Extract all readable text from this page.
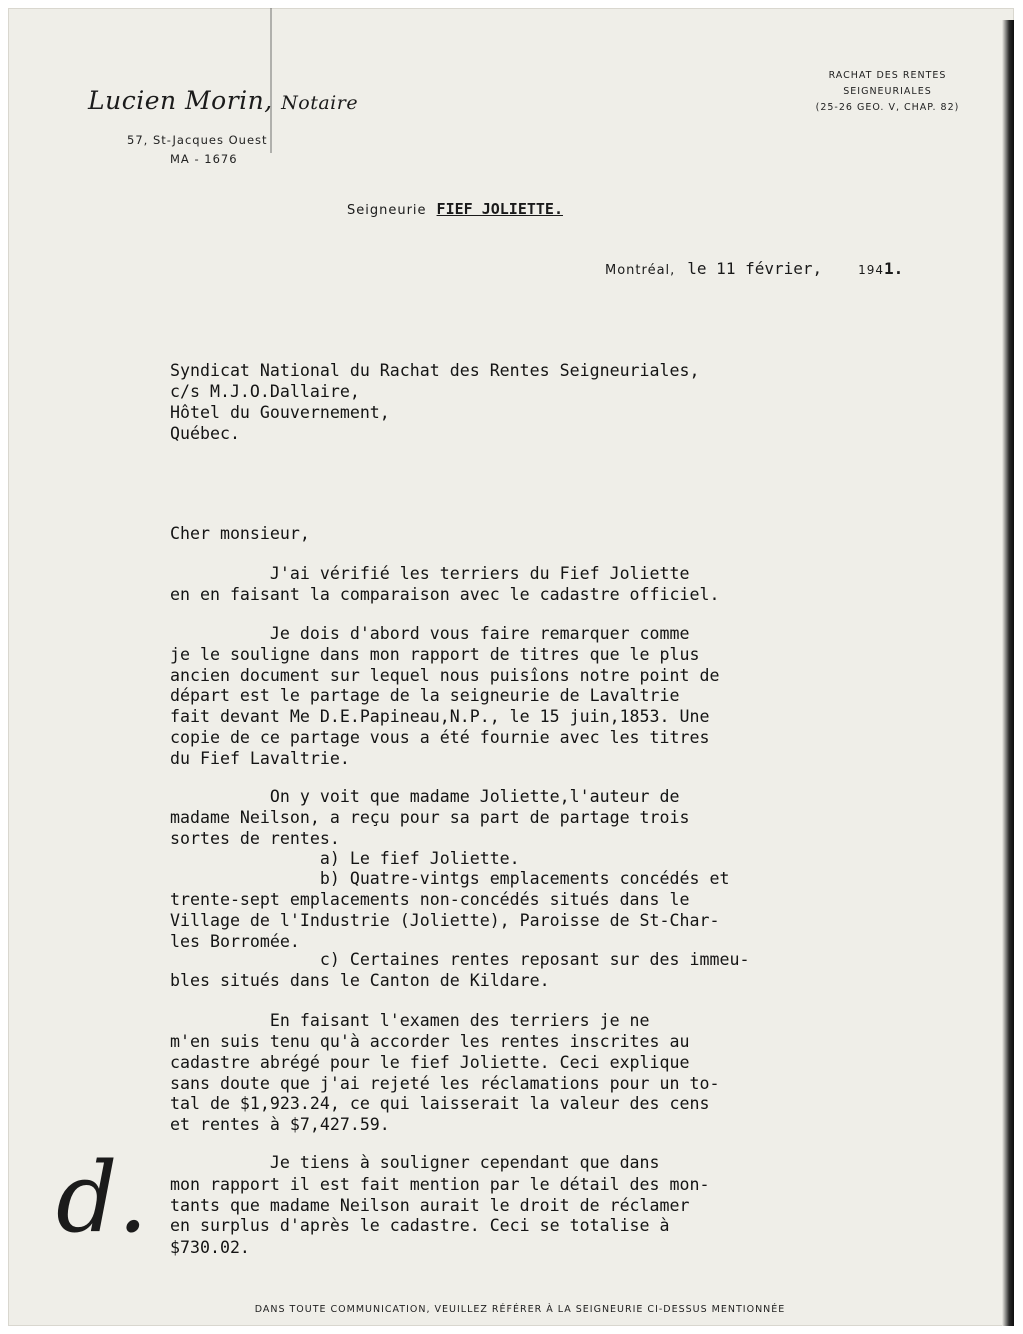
Lucien Morin, Notaire
57, St-Jacques Ouest
MA - 1676
RACHAT DES RENTES
SEIGNEURIALES
(25-26 GEO. V, CHAP. 82)
Seigneurie FIEF JOLIETTE.
Montréal, le 11 février,	1941.
Syndicat National du Rachat des Rentes Seigneuriales,
c/s M.J.O.Dallaire,
Hôtel du Gouvernement,
Québec.
Cher monsieur,
J'ai vérifié les terriers du Fief Joliette
en en faisant la comparaison avec le cadastre officiel.
Je dois d'abord vous faire remarquer comme
je le souligne dans mon rapport de titres que le plus
ancien document sur lequel nous puisîons notre point de
départ est le partage de la seigneurie de Lavaltrie
fait devant Me D.E.Papineau,N.P., le 15 juin,1853. Une
copie de ce partage vous a été fournie avec les titres
du Fief Lavaltrie.
On y voit que madame Joliette,l'auteur de
madame Neilson, a reçu pour sa part de partage trois
sortes de rentes.
a) Le fief Joliette.
b) Quatre-vintgs emplacements concédés et
trente-sept emplacements non-concédés situés dans le
Village de l'Industrie (Joliette), Paroisse de St-Char-
les Borromée.
c) Certaines rentes reposant sur des immeu-
bles situés dans le Canton de Kildare.
En faisant l'examen des terriers je ne
m'en suis tenu qu'à accorder les rentes inscrites au
cadastre abrégé pour le fief Joliette. Ceci explique
sans doute que j'ai rejeté les réclamations pour un to-
tal de $1,923.24, ce qui laisserait la valeur des cens
et rentes à $7,427.59.
Je tiens à souligner cependant que dans
mon rapport il est fait mention par le détail des mon-
tants que madame Neilson aurait le droit de réclamer
en surplus d'après le cadastre. Ceci se totalise à
$730.02.
d.
DANS TOUTE COMMUNICATION, VEUILLEZ RÉFÉRER À LA SEIGNEURIE CI-DESSUS MENTIONNÉE
